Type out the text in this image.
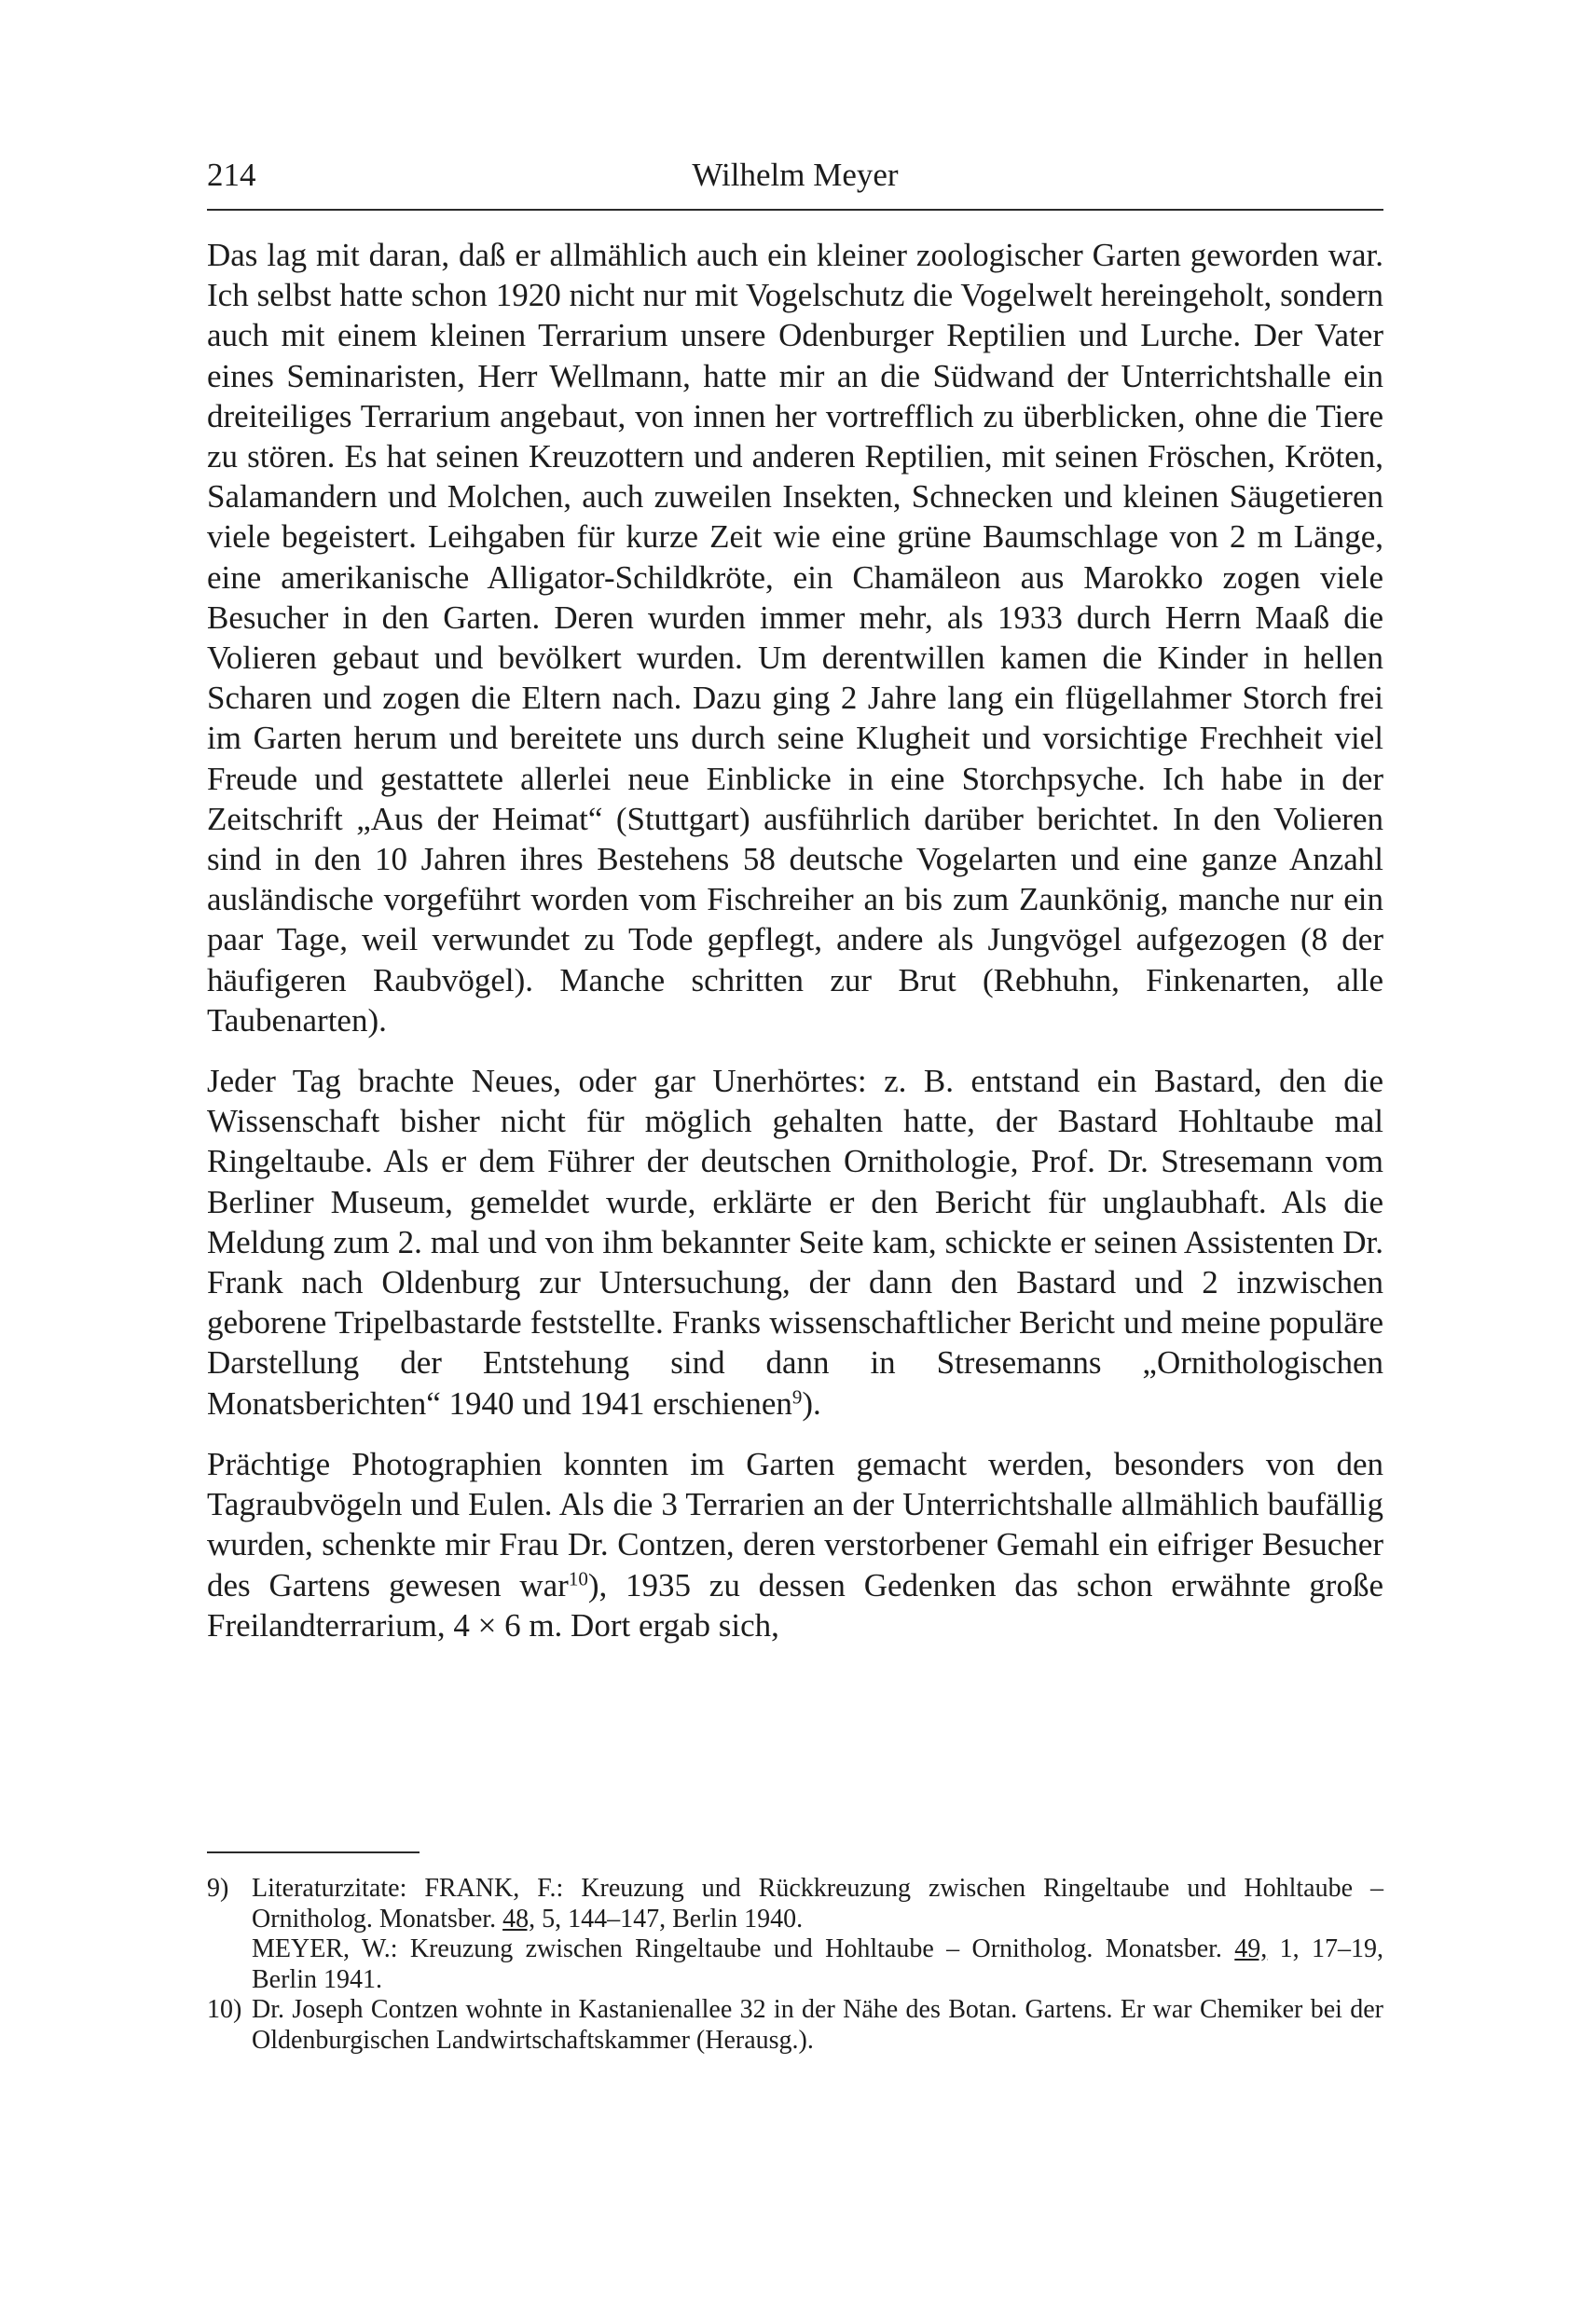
214	Wilhelm Meyer

Das lag mit daran, daß er allmählich auch ein kleiner zoologischer Garten geworden war. Ich selbst hatte schon 1920 nicht nur mit Vogelschutz die Vogelwelt hereingeholt, sondern auch mit einem kleinen Terrarium unsere Odenburger Reptilien und Lurche. Der Vater eines Seminaristen, Herr Wellmann, hatte mir an die Südwand der Unterrichtshalle ein dreiteiliges Terrarium angebaut, von innen her vortrefflich zu überblicken, ohne die Tiere zu stören. Es hat seinen Kreuzottern und anderen Reptilien, mit seinen Fröschen, Kröten, Salamandern und Molchen, auch zuweilen Insekten, Schnecken und kleinen Säugetieren viele begeistert. Leihgaben für kurze Zeit wie eine grüne Baumschlage von 2 m Länge, eine amerikanische Alligator-Schildkröte, ein Chamäleon aus Marokko zogen viele Besucher in den Garten. Deren wurden immer mehr, als 1933 durch Herrn Maaß die Volieren gebaut und bevölkert wurden. Um derentwillen kamen die Kinder in hellen Scharen und zogen die Eltern nach. Dazu ging 2 Jahre lang ein flügellahmer Storch frei im Garten herum und bereitete uns durch seine Klugheit und vorsichtige Frechheit viel Freude und gestattete allerlei neue Einblicke in eine Storchpsyche. Ich habe in der Zeitschrift „Aus der Heimat“ (Stuttgart) ausführlich darüber berichtet. In den Volieren sind in den 10 Jahren ihres Bestehens 58 deutsche Vogelarten und eine ganze Anzahl ausländische vorgeführt worden vom Fischreiher an bis zum Zaunkönig, manche nur ein paar Tage, weil verwundet zu Tode gepflegt, andere als Jungvögel aufgezogen (8 der häufigeren Raubvögel). Manche schritten zur Brut (Rebhuhn, Finkenarten, alle Taubenarten).

Jeder Tag brachte Neues, oder gar Unerhörtes: z. B. entstand ein Bastard, den die Wissenschaft bisher nicht für möglich gehalten hatte, der Bastard Hohltaube mal Ringeltaube. Als er dem Führer der deutschen Ornithologie, Prof. Dr. Stresemann vom Berliner Museum, gemeldet wurde, erklärte er den Bericht für unglaubhaft. Als die Meldung zum 2. mal und von ihm bekannter Seite kam, schickte er seinen Assistenten Dr. Frank nach Oldenburg zur Untersuchung, der dann den Bastard und 2 inzwischen geborene Tripelbastarde feststellte. Franks wissenschaftlicher Bericht und meine populäre Darstellung der Entstehung sind dann in Stresemanns „Ornithologischen Monatsberichten“ 1940 und 1941 erschienen$^9$).

Prächtige Photographien konnten im Garten gemacht werden, besonders von den Tagraubvögeln und Eulen. Als die 3 Terrarien an der Unterrichtshalle allmählich baufällig wurden, schenkte mir Frau Dr. Contzen, deren verstorbener Gemahl ein eifriger Besucher des Gartens gewesen war$^{10}$), 1935 zu dessen Gedenken das schon erwähnte große Freilandterrarium, 4 × 6 m. Dort ergab sich,

9) Literaturzitate: FRANK, F.: Kreuzung und Rückkreuzung zwischen Ringeltaube und Hohltaube – Ornitholog. Monatsber. 48, 5, 144–147, Berlin 1940.
MEYER, W.: Kreuzung zwischen Ringeltaube und Hohltaube – Ornitholog. Monatsber. 49, 1, 17–19, Berlin 1941.
10) Dr. Joseph Contzen wohnte in Kastanienallee 32 in der Nähe des Botan. Gartens. Er war Chemiker bei der Oldenburgischen Landwirtschaftskammer (Herausg.).
